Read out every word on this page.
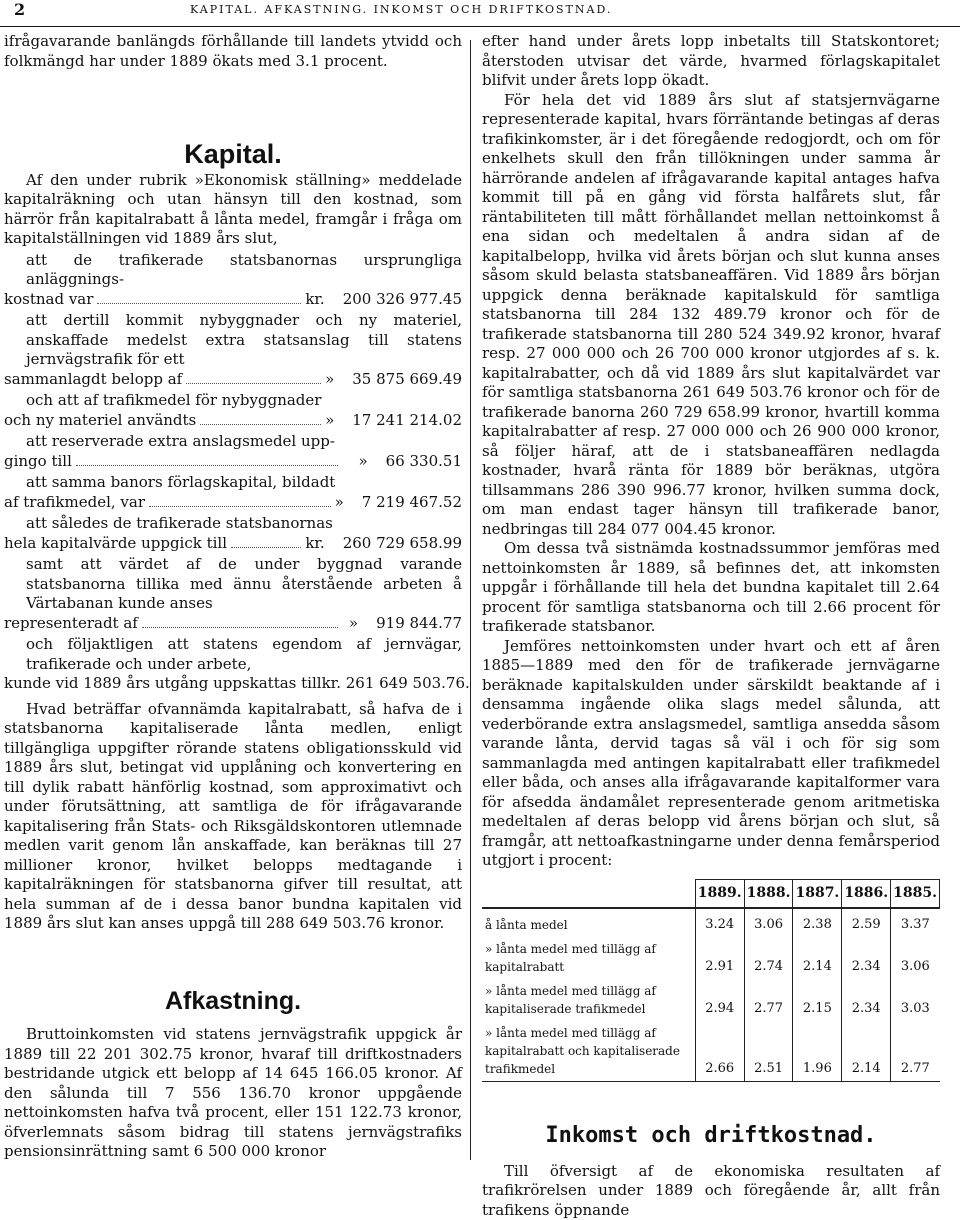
2	KAPITAL. AFKASTNING. INKOMST OCH DRIFTKOSTNAD.

ifrågavarande banlängds förhållande till landets ytvidd och folkmängd har under 1889 ökats med 3.1 procent.

Kapital.

Af den under rubrik »Ekonomisk ställning» meddelade kapitalräkning och utan hänsyn till den kostnad, som härrör från kapitalrabatt å lånta medel, framgår i fråga om kapitalställningen vid 1889 års slut,

att de trafikerade statsbanornas ursprungliga anläggnings-
kostnad var	kr. 200 326 977.45
att dertill kommit nybyggnader och ny materiel, anskaffade medelst extra statsanslag till statens jernvägstrafik för ett
sammanlagdt belopp af	» 35 875 669.49
och att af trafikmedel för nybyggnader
och ny materiel användts	» 17 241 214.02
att reserverade extra anslagsmedel upp-
gingo till	» 66 330.51
att samma banors förlagskapital, bildadt
af trafikmedel, var	» 7 219 467.52
att således de trafikerade statsbanornas
hela kapitalvärde uppgick till	kr. 260 729 658.99
samt att värdet af de under byggnad varande statsbanorna tillika med ännu återstående arbeten å Värtabanan kunde anses
representeradt af	» 919 844.77
och följaktligen att statens egendom af jernvägar, trafikerade och under arbete,
kunde vid 1889 års utgång uppskattas till kr. 261 649 503.76.

Hvad beträffar ofvannämda kapitalrabatt, så hafva de i statsbanorna kapitaliserade lånta medlen, enligt tillgängliga uppgifter rörande statens obligationsskuld vid 1889 års slut, betingat vid upplåning och konvertering en till dylik rabatt hänförlig kostnad, som approximativt och under förutsättning, att samtliga de för ifrågavarande kapitalisering från Stats- och Riksgäldskontoren utlemnade medlen varit genom lån anskaffade, kan beräknas till 27 millioner kronor, hvilket belopps medtagande i kapitalräkningen för statsbanorna gifver till resultat, att hela summan af de i dessa banor bundna kapitalen vid 1889 års slut kan anses uppgå till 288 649 503.76 kronor.

Afkastning.

Bruttoinkomsten vid statens jernvägstrafik uppgick år 1889 till 22 201 302.75 kronor, hvaraf till driftkostnaders bestridande utgick ett belopp af 14 645 166.05 kronor. Af den sålunda till 7 556 136.70 kronor uppgående nettoinkomsten hafva två procent, eller 151 122.73 kronor, öfverlemnats såsom bidrag till statens jernvägstrafiks pensionsinrättning samt 6 500 000 kronor

efter hand under årets lopp inbetalts till Statskontoret; återstoden utvisar det värde, hvarmed förlagskapitalet blifvit under årets lopp ökadt.

För hela det vid 1889 års slut af statsjernvägarne representerade kapital, hvars förräntande betingas af deras trafikinkomster, är i det föregående redogjordt, och om för enkelhets skull den från tillökningen under samma år härrörande andelen af ifrågavarande kapital antages hafva kommit till på en gång vid första halfårets slut, får räntabiliteten till mått förhållandet mellan nettoinkomst å ena sidan och medeltalen å andra sidan af de kapitalbelopp, hvilka vid årets början och slut kunna anses såsom skuld belasta statsbaneaffären. Vid 1889 års början uppgick denna beräknade kapitalskuld för samtliga statsbanorna till 284 132 489.79 kronor och för de trafikerade statsbanorna till 280 524 349.92 kronor, hvaraf resp. 27 000 000 och 26 700 000 kronor utgjordes af s. k. kapitalrabatter, och då vid 1889 års slut kapitalvärdet var för samtliga statsbanorna 261 649 503.76 kronor och för de trafikerade banorna 260 729 658.99 kronor, hvartill komma kapitalrabatter af resp. 27 000 000 och 26 900 000 kronor, så följer häraf, att de i statsbaneaffären nedlagda kostnader, hvarå ränta för 1889 bör beräknas, utgöra tillsammans 286 390 996.77 kronor, hvilken summa dock, om man endast tager hänsyn till trafikerade banor, nedbringas till 284 077 004.45 kronor.

Om dessa två sistnämda kostnadssummor jemföras med nettoinkomsten år 1889, så befinnes det, att inkomsten uppgår i förhållande till hela det bundna kapitalet till 2.64 procent för samtliga statsbanorna och till 2.66 procent för trafikerade statsbanor.

Jemföres nettoinkomsten under hvart och ett af åren 1885—1889 med den för de trafikerade jernvägarne beräknade kapitalskulden under särskildt beaktande af i densamma ingående olika slags medel sålunda, att vederbörande extra anslagsmedel, samtliga ansedda såsom varande lånta, dervid tagas så väl i och för sig som sammanlagda med antingen kapitalrabatt eller trafikmedel eller båda, och anses alla ifrågavarande kapitalformer vara för afsedda ändamålet representerade genom aritmetiska medeltalen af deras belopp vid årens början och slut, så framgår, att nettoafkastningarne under denna femårsperiod utgjort i procent:

	1889.	1888.	1887.	1886.	1885.
å lånta medel	3.24	3.06	2.38	2.59	3.37
» lånta medel med tillägg af kapitalrabatt	2.91	2.74	2.14	2.34	3.06
» lånta medel med tillägg af kapitaliserade trafikmedel	2.94	2.77	2.15	2.34	3.03
» lånta medel med tillägg af kapitalrabatt och kapitaliserade trafikmedel	2.66	2.51	1.96	2.14	2.77

Inkomst och driftkostnad.

Till öfversigt af de ekonomiska resultaten af trafikrörelsen under 1889 och föregående år, allt från trafikens öppnande
